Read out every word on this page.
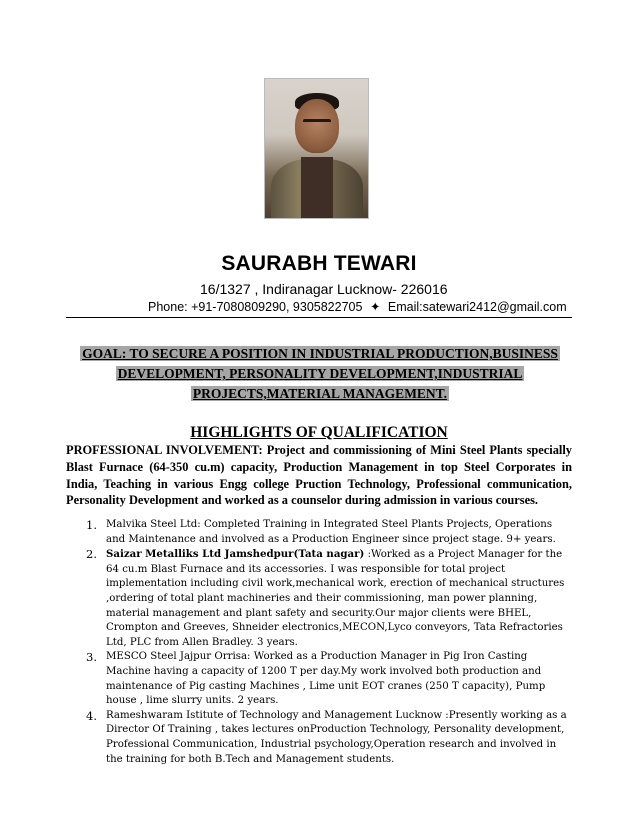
SAURABH TEWARI
16/1327 , Indiranagar Lucknow- 226016
Phone: +91-7080809290, 9305822705 ✦ Email:satewari2412@gmail.com
GOAL: TO SECURE A POSITION IN INDUSTRIAL PRODUCTION,BUSINESS DEVELOPMENT, PERSONALITY DEVELOPMENT,INDUSTRIAL PROJECTS,MATERIAL MANAGEMENT.
HIGHLIGHTS OF QUALIFICATION
PROFESSIONAL INVOLVEMENT: Project and commissioning of Mini Steel Plants specially Blast Furnace (64-350 cu.m) capacity, Production Management in top Steel Corporates in India, Teaching in various Engg college Pruction Technology, Professional communication, Personality Development and worked as a counselor during admission in various courses.
1. Malvika Steel Ltd: Completed Training in Integrated Steel Plants Projects, Operations and Maintenance and involved as a Production Engineer since project stage. 9+ years.
2. Saizar Metalliks Ltd Jamshedpur(Tata nagar) :Worked as a Project Manager for the 64 cu.m Blast Furnace and its accessories. I was responsible for total project implementation including civil work,mechanical work, erection of mechanical structures ,ordering of total plant machineries and their commissioning, man power planning, material management and plant safety and security.Our major clients were BHEL, Crompton and Greeves, Shneider electronics,MECON,Lyco conveyors, Tata Refractories Ltd, PLC from Allen Bradley. 3 years.
3. MESCO Steel Jajpur Orrisa: Worked as a Production Manager in Pig Iron Casting Machine having a capacity of 1200 T per day.My work involved both production and maintenance of Pig casting Machines , Lime unit EOT cranes (250 T capacity), Pump house , lime slurry units. 2 years.
4. Rameshwaram Istitute of Technology and Management Lucknow :Presently working as a Director Of Training , takes lectures onProduction Technology, Personality development, Professional Communication, Industrial psychology,Operation research and involved in the training for both B.Tech and Management students.
